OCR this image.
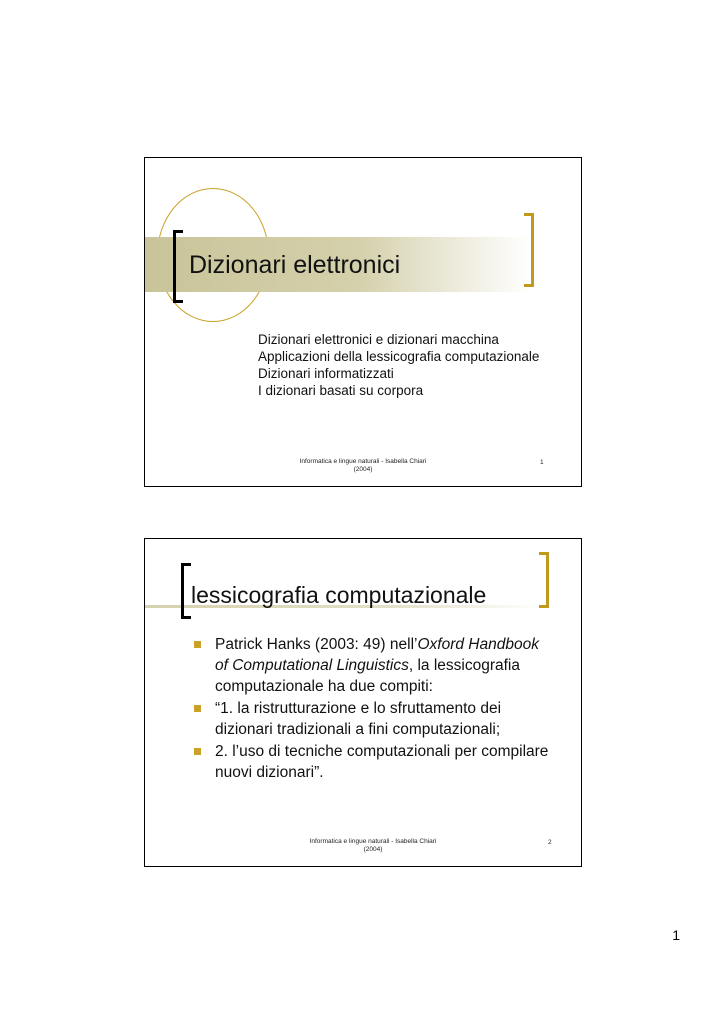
Dizionari elettronici
Dizionari elettronici e dizionari macchina
Applicazioni della lessicografia computazionale
Dizionari informatizzati
I dizionari basati su corpora
Informatica e lingue naturali - Isabella Chiari
(2004)
1
lessicografia computazionale
Patrick Hanks (2003: 49) nell’Oxford Handbook of Computational Linguistics, la lessicografia computazionale ha due compiti:
“1. la ristrutturazione e lo sfruttamento dei dizionari tradizionali a fini computazionali;
2. l’uso di tecniche computazionali per compilare nuovi dizionari”.
Informatica e lingue naturali - Isabella Chiari
(2004)
2
1
